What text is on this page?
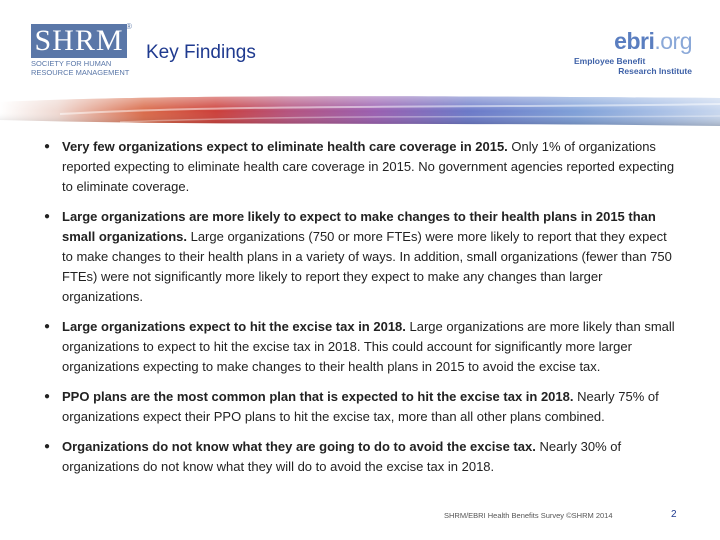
SHRM ®
SOCIETY FOR HUMAN RESOURCE MANAGEMENT
Key Findings	ebri.org
Employee Benefit
Research Institute
● Very few organizations expect to eliminate health care coverage in 2015. Only 1% of organizations reported expecting to eliminate health care coverage in 2015. No government agencies reported expecting to eliminate coverage.
● Large organizations are more likely to expect to make changes to their health plans in 2015 than small organizations. Large organizations (750 or more FTEs) were more likely to report that they expect to make changes to their health plans in a variety of ways. In addition, small organizations (fewer than 750 FTEs) were not significantly more likely to report they expect to make any changes than larger organizations.
● Large organizations expect to hit the excise tax in 2018. Large organizations are more likely than small organizations to expect to hit the excise tax in 2018. This could account for significantly more larger organizations expecting to make changes to their health plans in 2015 to avoid the excise tax.
● PPO plans are the most common plan that is expected to hit the excise tax in 2018. Nearly 75% of organizations expect their PPO plans to hit the excise tax, more than all other plans combined.
● Organizations do not know what they are going to do to avoid the excise tax. Nearly 30% of organizations do not know what they will do to avoid the excise tax in 2018.
SHRM/EBRI Health Benefits Survey ©SHRM 2014	2
